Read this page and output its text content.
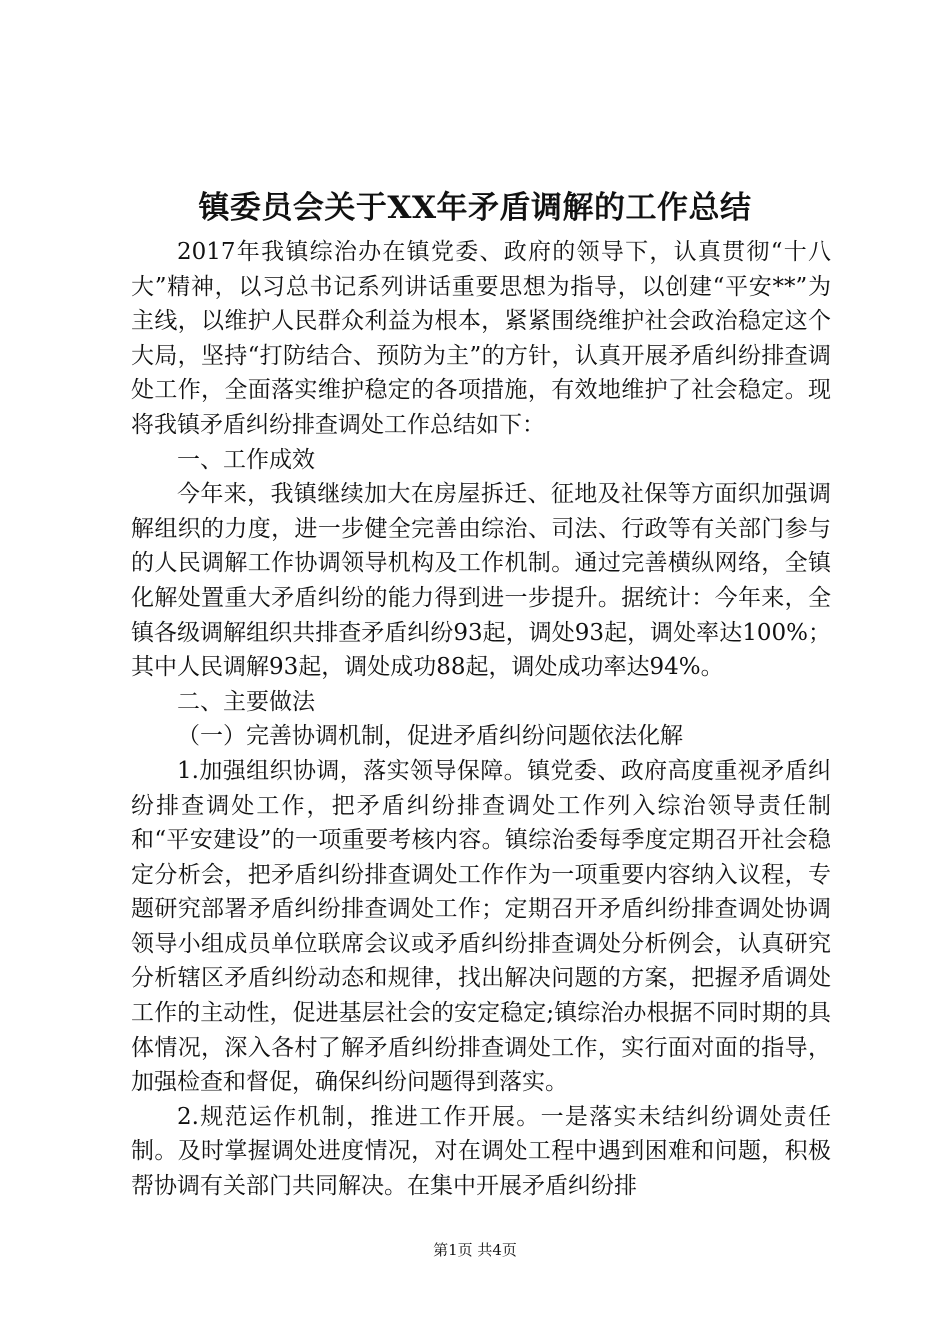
镇委员会关于XX年矛盾调解的工作总结

2017年我镇综治办在镇党委、政府的领导下，认真贯彻“十八大”精神，以习总书记系列讲话重要思想为指导，以创建“平安**”为主线，以维护人民群众利益为根本，紧紧围绕维护社会政治稳定这个大局，坚持“打防结合、预防为主”的方针，认真开展矛盾纠纷排查调处工作，全面落实维护稳定的各项措施，有效地维护了社会稳定。现将我镇矛盾纠纷排查调处工作总结如下：

一、工作成效

今年来，我镇继续加大在房屋拆迁、征地及社保等方面织加强调解组织的力度，进一步健全完善由综治、司法、行政等有关部门参与的人民调解工作协调领导机构及工作机制。通过完善横纵网络，全镇化解处置重大矛盾纠纷的能力得到进一步提升。据统计：今年来，全镇各级调解组织共排查矛盾纠纷93起，调处93起，调处率达100%；其中人民调解93起，调处成功88起，调处成功率达94%。

二、主要做法

（一）完善协调机制，促进矛盾纠纷问题依法化解

1.加强组织协调，落实领导保障。镇党委、政府高度重视矛盾纠纷排查调处工作，把矛盾纠纷排查调处工作列入综治领导责任制和“平安建设”的一项重要考核内容。镇综治委每季度定期召开社会稳定分析会，把矛盾纠纷排查调处工作作为一项重要内容纳入议程，专题研究部署矛盾纠纷排查调处工作；定期召开矛盾纠纷排查调处协调领导小组成员单位联席会议或矛盾纠纷排查调处分析例会，认真研究分析辖区矛盾纠纷动态和规律，找出解决问题的方案，把握矛盾调处工作的主动性，促进基层社会的安定稳定;镇综治办根据不同时期的具体情况，深入各村了解矛盾纠纷排查调处工作，实行面对面的指导，加强检查和督促，确保纠纷问题得到落实。

2.规范运作机制，推进工作开展。一是落实未结纠纷调处责任制。及时掌握调处进度情况，对在调处工程中遇到困难和问题，积极帮协调有关部门共同解决。在集中开展矛盾纠纷排

第1页 共4页
